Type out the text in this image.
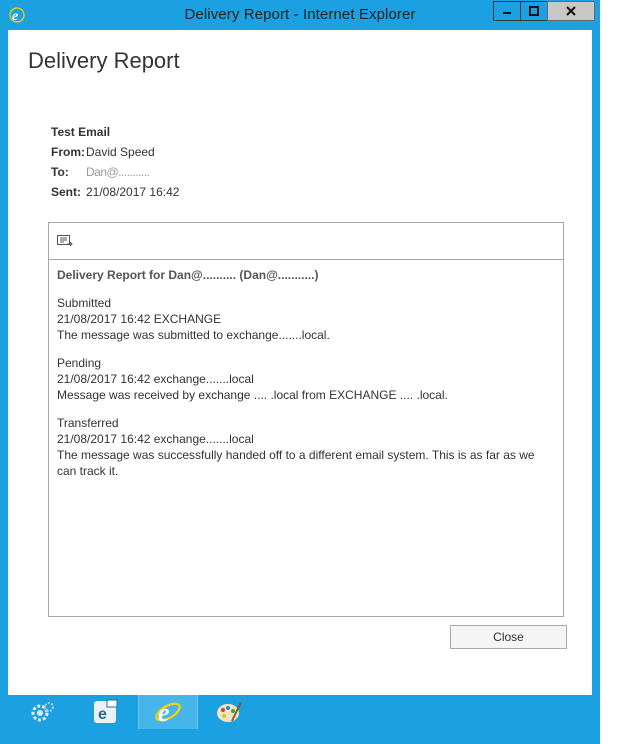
e	Delivery Report - Internet Explorer
Delivery Report
Test Email
From:David Speed
To: Dan@...........
Sent: 21/08/2017 16:42
Delivery Report for Dan@.......... (Dan@...........)
Submitted
21/08/2017 16:42 EXCHANGE
The message was submitted to exchange.......local.
Pending
21/08/2017 16:42 exchange.......local
Message was received by exchange .... .local from EXCHANGE .... .local.
Transferred
21/08/2017 16:42 exchange.......local
The message was successfully handed off to a different email system. This is as far as we can track it.
Close
e e
